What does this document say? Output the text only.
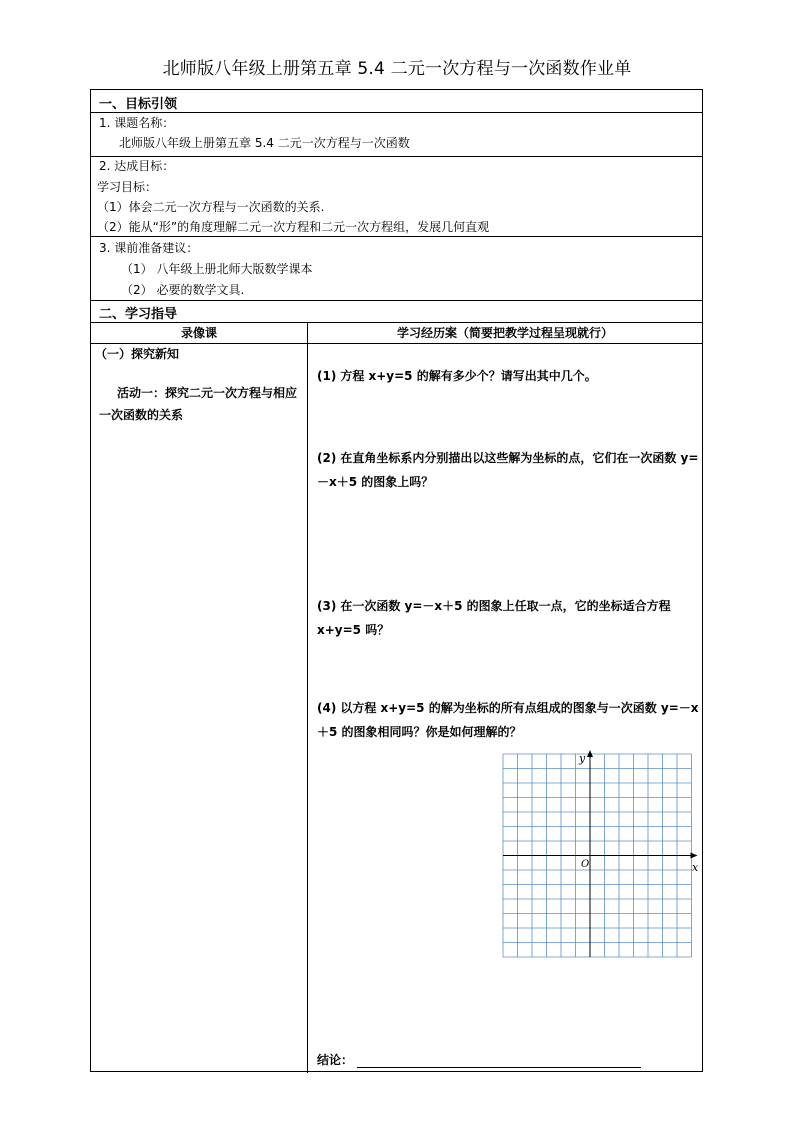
北师版八年级上册第五章 5.4 二元一次方程与一次函数作业单
一、目标引领
1. 课题名称：
北师版八年级上册第五章 5.4 二元一次方程与一次函数
2. 达成目标：
学习目标：
（1）体会二元一次方程与一次函数的关系.
（2）能从“形”的角度理解二元一次方程和二元一次方程组，发展几何直观
3. 课前准备建议：
（1） 八年级上册北师大版数学课本
（2） 必要的数学文具.
二、学习指导
录像课	学习经历案（简要把教学过程呈现就行）
（一）探究新知
活动一：探究二元一次方程与相应一次函数的关系
(1) 方程 x+y=5 的解有多少个？请写出其中几个。
(2) 在直角坐标系内分别描出以这些解为坐标的点，它们在一次函数 y=－x＋5 的图象上吗？
(3) 在一次函数 y=－x＋5 的图象上任取一点，它的坐标适合方程 x+y=5 吗？
(4) 以方程 x+y=5 的解为坐标的所有点组成的图象与一次函数 y=－x＋5 的图象相同吗？你是如何理解的？
y
x
O
结论：
